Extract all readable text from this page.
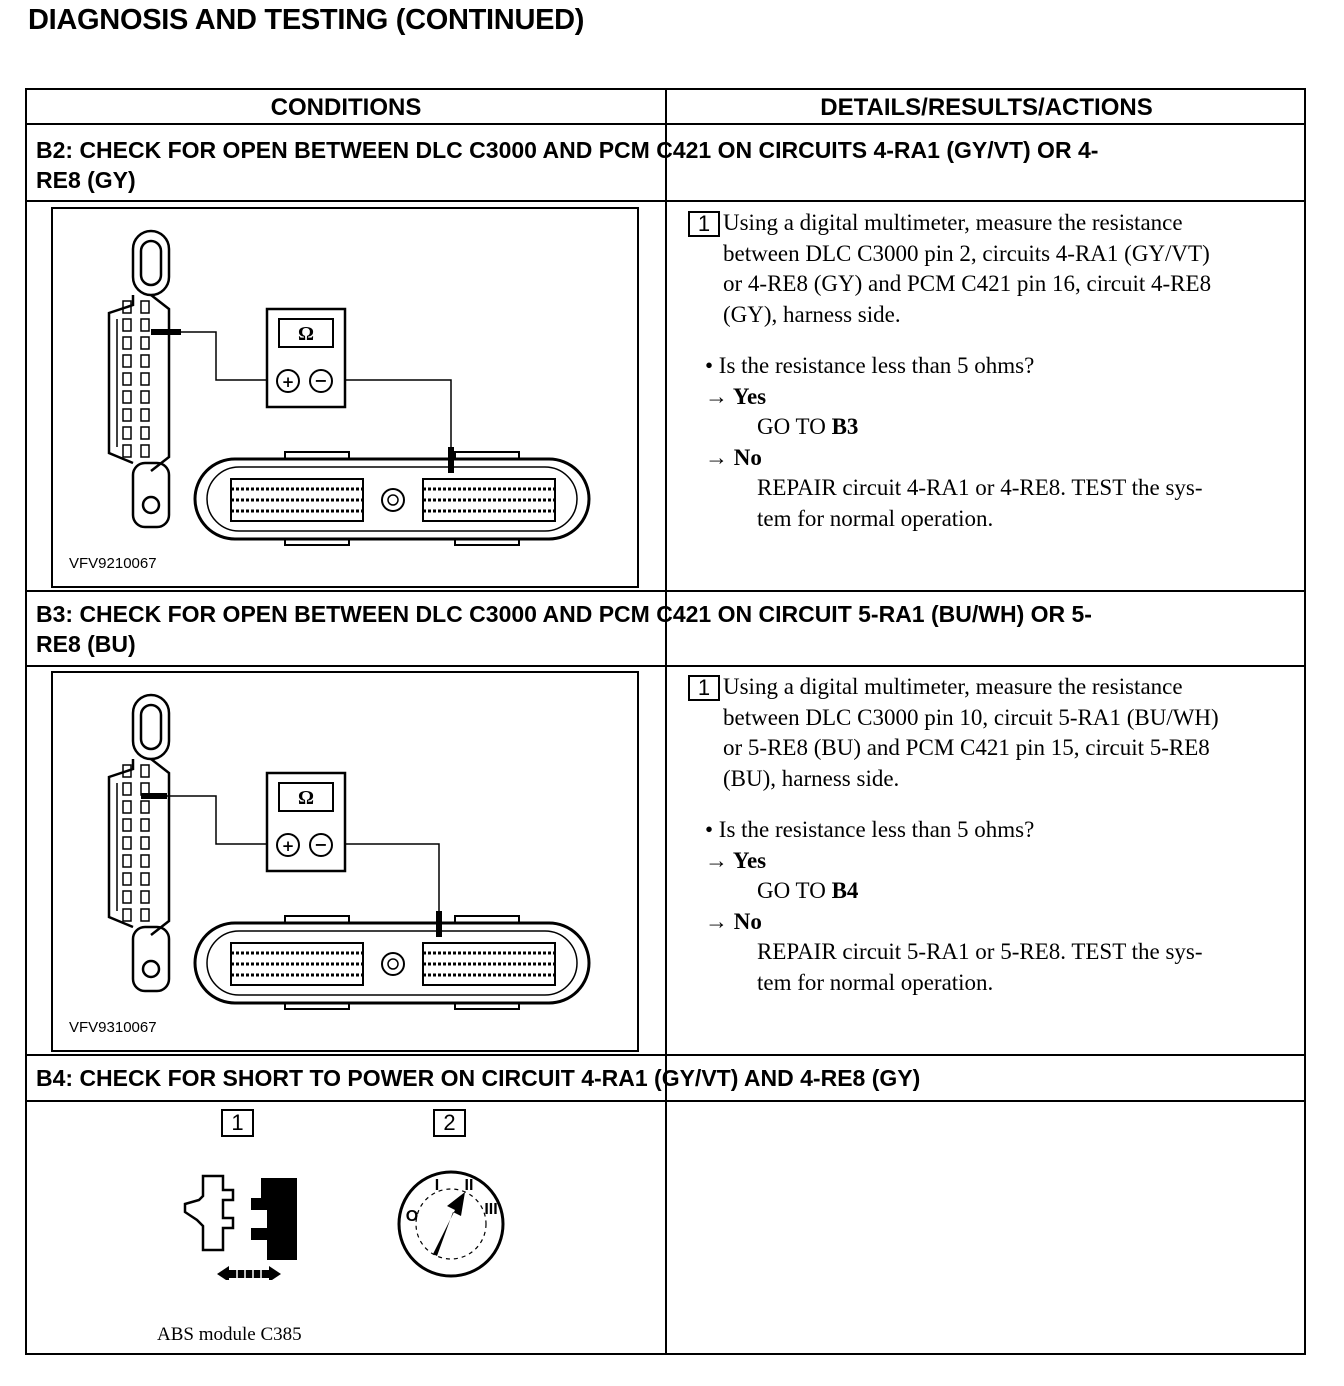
DIAGNOSIS AND TESTING (CONTINUED)
CONDITIONS	DETAILS/RESULTS/ACTIONS
B2: CHECK FOR OPEN BETWEEN DLC C3000 AND PCM C421 ON CIRCUITS 4-RA1 (GY/VT) OR 4-
RE8 (GY)
Ω
+ −
VFV9210067
1 Using a digital multimeter, measure the resistance
between DLC C3000 pin 2, circuits 4-RA1 (GY/VT)
or 4-RE8 (GY) and PCM C421 pin 16, circuit 4-RE8
(GY), harness side.
• Is the resistance less than 5 ohms?
→ Yes
GO TO B3
→ No
REPAIR circuit 4-RA1 or 4-RE8. TEST the sys-
tem for normal operation.
B3: CHECK FOR OPEN BETWEEN DLC C3000 AND PCM C421 ON CIRCUIT 5-RA1 (BU/WH) OR 5-
RE8 (BU)
Ω
+ −
VFV9310067
1 Using a digital multimeter, measure the resistance
between DLC C3000 pin 10, circuit 5-RA1 (BU/WH)
or 5-RE8 (BU) and PCM C421 pin 15, circuit 5-RE8
(BU), harness side.
• Is the resistance less than 5 ohms?
→ Yes
GO TO B4
→ No
REPAIR circuit 5-RA1 or 5-RE8. TEST the sys-
tem for normal operation.
B4: CHECK FOR SHORT TO POWER ON CIRCUIT 4-RA1 (GY/VT) AND 4-RE8 (GY)
1	2
O
I II
III
ABS module C385
